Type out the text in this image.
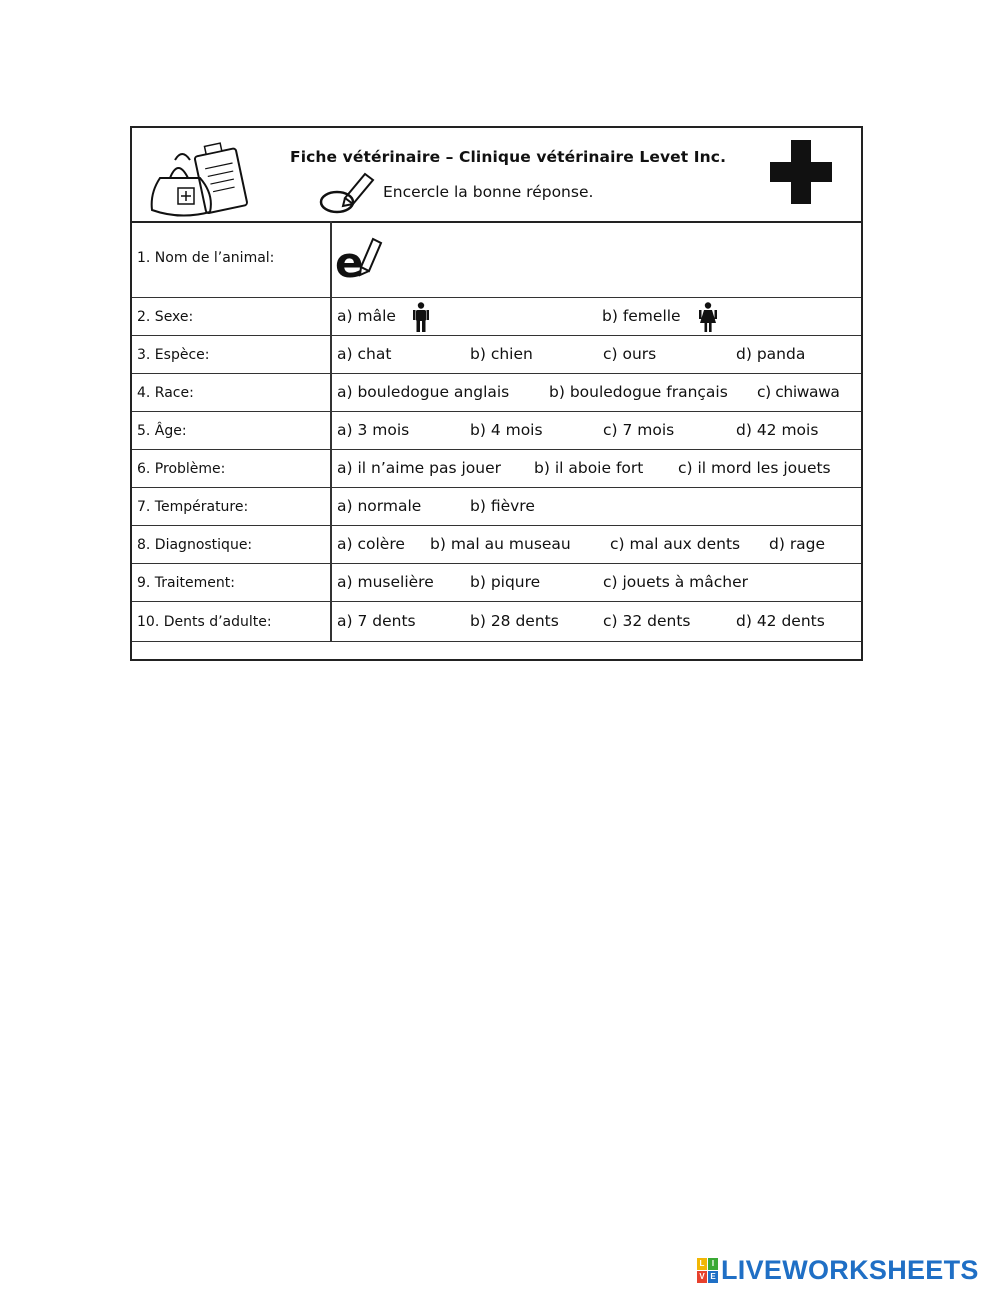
Fiche vétérinaire – Clinique vétérinaire Levet Inc.
Encercle la bonne réponse.
1. Nom de l’animal: e
2. Sexe:	a) mâle	b) femelle
3. Espèce:	a) chat	b) chien	c) ours	d) panda
4. Race:	a) bouledogue anglais	b) bouledogue français c) chiwawa
5. Âge:	a) 3 mois	b) 4 mois	c) 7 mois	d) 42 mois
6. Problème:	a) il n’aime pas jouer b) il aboie fort c) il mord les jouets
7. Température:	a) normale	b) fièvre
8. Diagnostique:	a) colère b) mal au museau	c) mal aux dents d) rage
9. Traitement:	a) muselière b) piqure	c) jouets à mâcher
10. Dents d’adulte:	a) 7 dents	b) 28 dents	c) 32 dents	d) 42 dents
L I
V E LIVEWORKSHEETS
